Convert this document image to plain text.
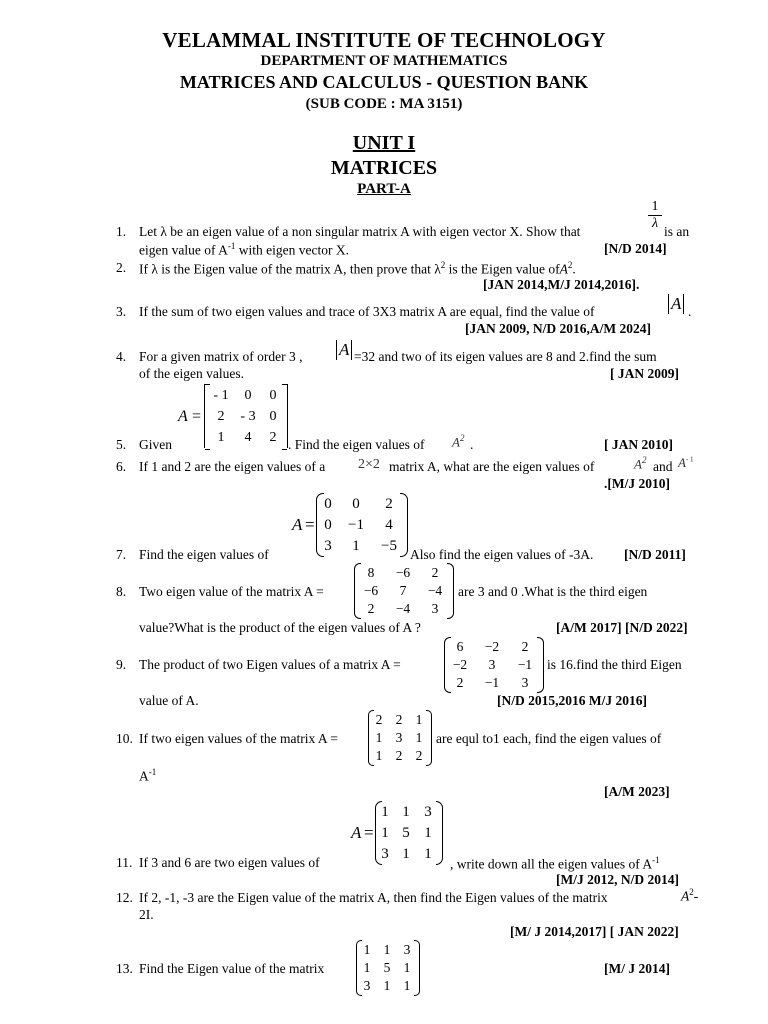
VELAMMAL INSTITUTE OF TECHNOLOGY
DEPARTMENT OF MATHEMATICS
MATRICES AND CALCULUS - QUESTION BANK
(SUB CODE : MA 3151)
UNIT I
MATRICES
PART-A
1. Let λ be an eigen value of a non singular matrix A with eigen vector X. Show that	$\frac{1}{\lambda}$ is an
eigen value of $A^{-1}$ with eigen vector X.	[N/D 2014]
2. If λ is the Eigen value of the matrix A, then prove that $\lambda^2$ is the Eigen value ofA$^2$.
[JAN 2014,M/J 2014,2016].
3. If the sum of two eigen values and trace of 3X3 matrix A are equal, find the value of	A .
[JAN 2009, N/D 2016,A/M 2024]
4. For a given matrix of order 3 , A =32 and two of its eigen values are 8 and 2.find the sum
of the eigen values.	[ JAN 2009]
A =
- 1	0	0
2	- 3 0
1	4	2
5. Given	. Find the eigen values of $A^2$ .	[ JAN 2010]
6. If 1 and 2 are the eigen values of a 2×2 matrix A, what are the eigen values of	$A^2$ and $A^{- 1}$
.[M/J 2010]
A =
0	0	2
0	−1	4
3	1	−5
7. Find the eigen values of	Also find the eigen values of -3A. [N/D 2011]
8. Two eigen value of the matrix A =
8	−6	2
−6	7	−4
2	−4	3
are 3 and 0 .What is the third eigen
value?What is the product of the eigen values of A ?	[A/M 2017] [N/D 2022]
9. The product of two Eigen values of a matrix A =
6	−2	2
−2	3	−1
2	−1	3
is 16.find the third Eigen
value of A.	[N/D 2015,2016 M/J 2016]
10. If two eigen values of the matrix A =
2 2 1
1 3 1
1 2 2
are equl to1 each, find the eigen values of
$A^{-1}$
[A/M 2023]
A =
1 1 3
1 5 1
3 1 1
11. If 3 and 6 are two eigen values of	, write down all the eigen values of $A^{-1}$
[M/J 2012, N/D 2014]
12. If 2, -1, -3 are the Eigen value of the matrix A, then find the Eigen values of the matrix	$A^2-$
2I.
[M/ J 2014,2017] [ JAN 2022]
13. Find the Eigen value of the matrix
1 1 3
1 5 1
3 1 1
[M/ J 2014]
